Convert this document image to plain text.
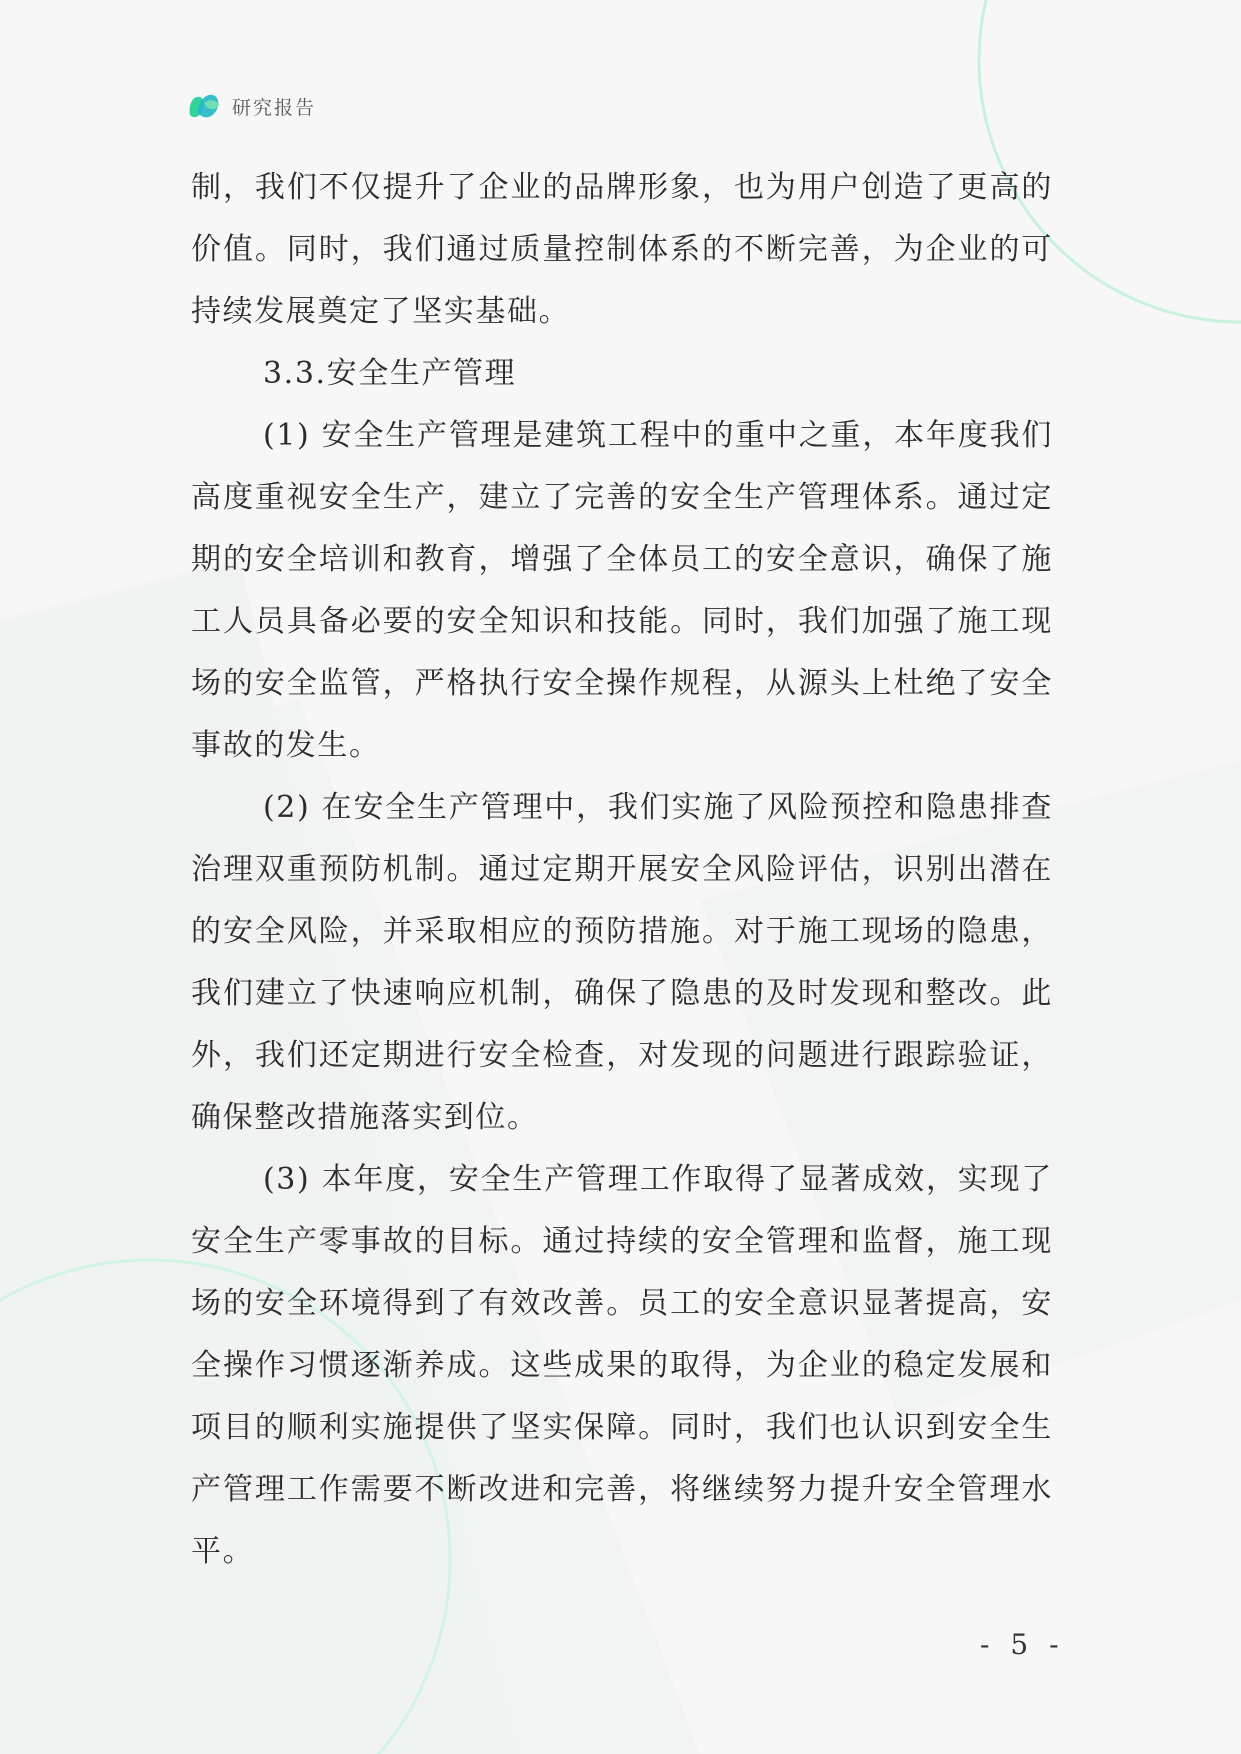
研究报告

制，我们不仅提升了企业的品牌形象，也为用户创造了更高的价值。同时，我们通过质量控制体系的不断完善，为企业的可持续发展奠定了坚实基础。

3.3.安全生产管理

(1) 安全生产管理是建筑工程中的重中之重，本年度我们高度重视安全生产，建立了完善的安全生产管理体系。通过定期的安全培训和教育，增强了全体员工的安全意识，确保了施工人员具备必要的安全知识和技能。同时，我们加强了施工现场的安全监管，严格执行安全操作规程，从源头上杜绝了安全事故的发生。

(2) 在安全生产管理中，我们实施了风险预控和隐患排查治理双重预防机制。通过定期开展安全风险评估，识别出潜在的安全风险，并采取相应的预防措施。对于施工现场的隐患，我们建立了快速响应机制，确保了隐患的及时发现和整改。此外，我们还定期进行安全检查，对发现的问题进行跟踪验证，确保整改措施落实到位。

(3) 本年度，安全生产管理工作取得了显著成效，实现了安全生产零事故的目标。通过持续的安全管理和监督，施工现场的安全环境得到了有效改善。员工的安全意识显著提高，安全操作习惯逐渐养成。这些成果的取得，为企业的稳定发展和项目的顺利实施提供了坚实保障。同时，我们也认识到安全生产管理工作需要不断改进和完善，将继续努力提升安全管理水平。

- 5 -
